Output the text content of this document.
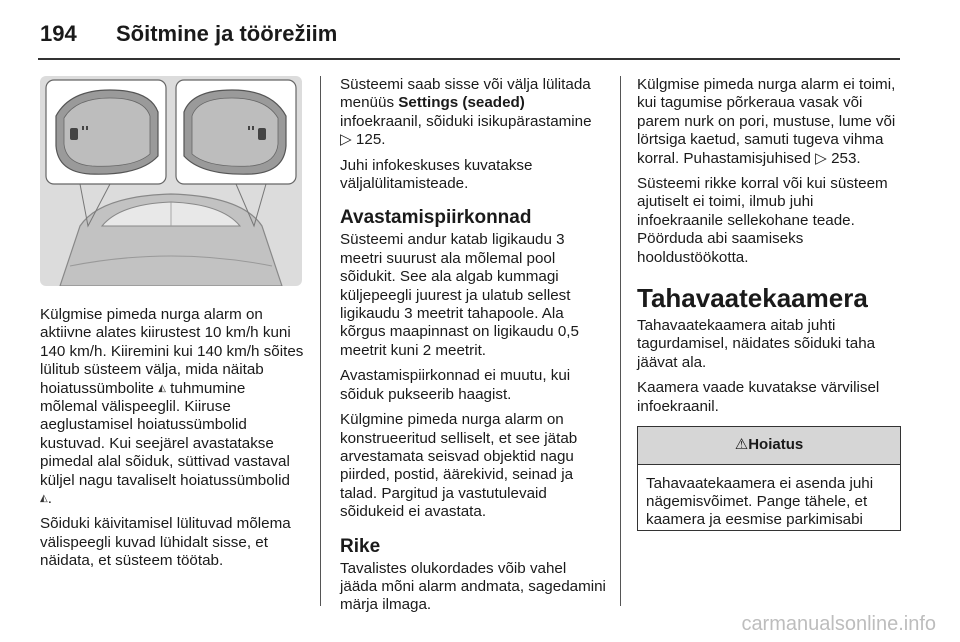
194	Sõitmine ja töörežiim

Külgmise pimeda nurga alarm on aktiivne alates kiirustest 10 km/h kuni 140 km/h. Kiiremini kui 140 km/h sõites lülitub süsteem välja, mida näitab hoiatussümbolite ◭ tuhmumine mõlemal välispeeglil. Kiiruse aeglustamisel hoiatussümbolid kustuvad. Kui seejärel avastatakse pimedal alal sõiduk, süttivad vastaval küljel nagu tavaliselt hoiatussümbolid ◭.

Sõiduki käivitamisel lülituvad mõlema välispeegli kuvad lühidalt sisse, et näidata, et süsteem töötab.

Süsteemi saab sisse või välja lülitada menüüs Settings (seaded) infoekraanil, sõiduki isikupärastamine ▷ 125.

Juhi infokeskuses kuvatakse väljalülitamisteade.

Avastamispiirkonnad

Süsteemi andur katab ligikaudu 3 meetri suurust ala mõlemal pool sõidukit. See ala algab kummagi küljepeegli juurest ja ulatub sellest ligikaudu 3 meetrit tahapoole. Ala kõrgus maapinnast on ligikaudu 0,5 meetrit kuni 2 meetrit.

Avastamispiirkonnad ei muutu, kui sõiduk pukseerib haagist.

Külgmine pimeda nurga alarm on konstrueeritud selliselt, et see jätab arvestamata seisvad objektid nagu piirded, postid, äärekivid, seinad ja talad. Pargitud ja vastutulevaid sõidukeid ei avastata.

Rike

Tavalistes olukordades võib vahel jääda mõni alarm andmata, sagedamini märja ilmaga.

Külgmise pimeda nurga alarm ei toimi, kui tagumise põrkeraua vasak või parem nurk on pori, mustuse, lume või lörtsiga kaetud, samuti tugeva vihma korral. Puhastamisjuhised ▷ 253.

Süsteemi rikke korral või kui süsteem ajutiselt ei toimi, ilmub juhi infoekraanile sellekohane teade. Pöörduda abi saamiseks hooldustöökotta.

Tahavaatekaamera

Tahavaatekaamera aitab juhti tagurdamisel, näidates sõiduki taha jäävat ala.

Kaamera vaade kuvatakse värvilisel infoekraanil.

⚠Hoiatus
Tahavaatekaamera ei asenda juhi nägemisvõimet. Pange tähele, et kaamera ja eesmise parkimisabi
carmanualsonline.info
